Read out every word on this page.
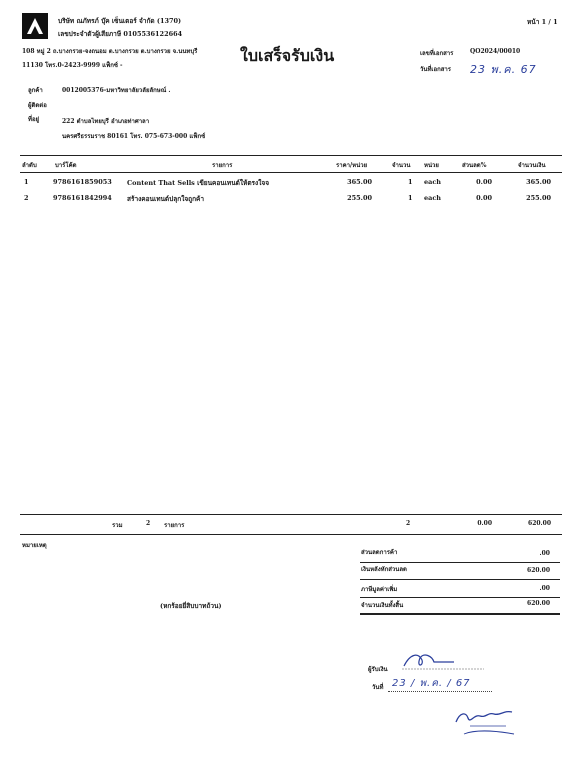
บริษัท ณภัทรภ์ บุ๊ค เซ็นเตอร์ จำกัด (1370)
เลขประจำตัวผู้เสียภาษี 0105536122664
108 หมู่ 2 ถ.บางกรวย-จงถนอม ต.บางกรวย ต.บางกรวย จ.นนทบุรี
11130 โทร.0-2423-9999 แฟ็กซ์ -
หน้า 1 / 1
ใบเสร็จรับเงิน	เลขที่เอกสาร	QO2024/00010
วันที่เอกสาร 23 พ.ค. 67
ลูกค้า	0012005376-มหาวิทยาลัยวลัยลักษณ์ .
ผู้ติดต่อ
ที่อยู่	222 ตำบลไทยบุรี อำเภอท่าศาลา
นครศรีธรรมราช 80161 โทร. 075-673-000 แฟ็กซ์
ลำดับ	บาร์โค้ด	รายการ	ราคา/หน่วย	จำนวน หน่วย	ส่วนลด%	จำนวนเงิน
1	9786161859053 Content That Sells เขียนคอนเทนต์ให้ตรงใจจ	365.00	1 each	0.00	365.00
2	9786161842994 สร้างคอนเทนต์ปลุกใจถูกค้า	255.00	1 each	0.00	255.00
รวม	2 รายการ	2	0.00	620.00
หมายเหตุ
ส่วนลดการค้า	.00
เงินหลังหักส่วนลด	620.00
ภาษีมูลค่าเพิ่ม	.00
จำนวนเงินทั้งสิ้น	620.00
(หกร้อยยี่สิบบาทถ้วน)
ผู้รับเงิน
วันที่ 23 / พ.ค. / 67
